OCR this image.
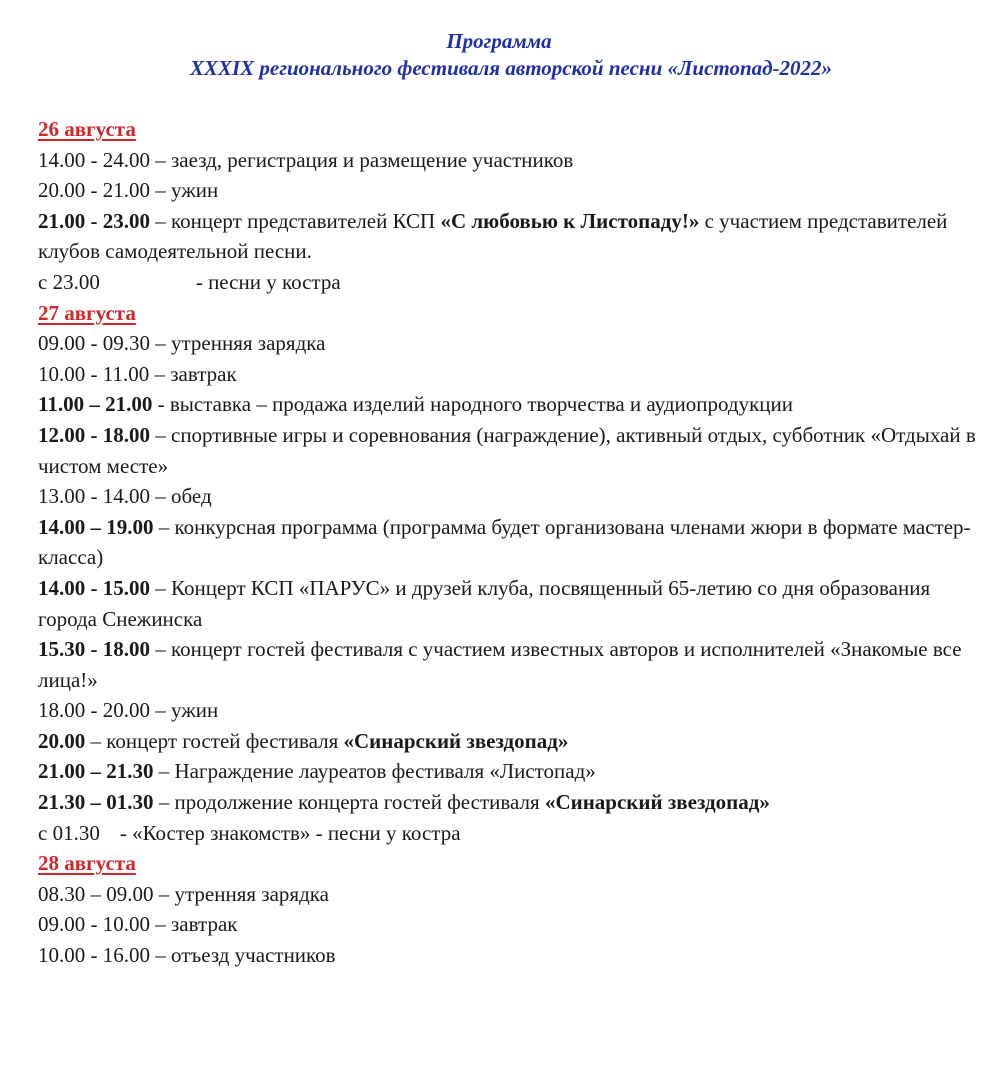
Программа
XXXIX регионального фестиваля авторской песни «Листопад-2022»
26 августа
14.00 - 24.00 – заезд, регистрация и размещение участников
20.00 - 21.00 – ужин
21.00 - 23.00 – концерт представителей КСП «С любовью к Листопаду!» с участием представителей клубов самодеятельной песни.
с 23.00	- песни у костра
27 августа
09.00 - 09.30 – утренняя зарядка
10.00 - 11.00 – завтрак
11.00 – 21.00 - выставка – продажа изделий народного творчества и аудиопродукции
12.00 - 18.00 – спортивные игры и соревнования (награждение), активный отдых, субботник «Отдыхай в чистом месте»
13.00 - 14.00 – обед
14.00 – 19.00 – конкурсная программа (программа будет организована членами жюри в формате мастер-класса)
14.00 - 15.00 – Концерт КСП «ПАРУС» и друзей клуба, посвященный 65-летию со дня образования города Снежинска
15.30 - 18.00 – концерт гостей фестиваля с участием известных авторов и исполнителей «Знакомые все лица!»
18.00 - 20.00 – ужин
20.00 – концерт гостей фестиваля «Синарский звездопад»
21.00 – 21.30 – Награждение лауреатов фестиваля «Листопад»
21.30 – 01.30 – продолжение концерта гостей фестиваля «Синарский звездопад»
с 01.30 - «Костер знакомств» - песни у костра
28 августа
08.30 – 09.00 – утренняя зарядка
09.00 - 10.00 – завтрак
10.00 - 16.00 – отъезд участников
